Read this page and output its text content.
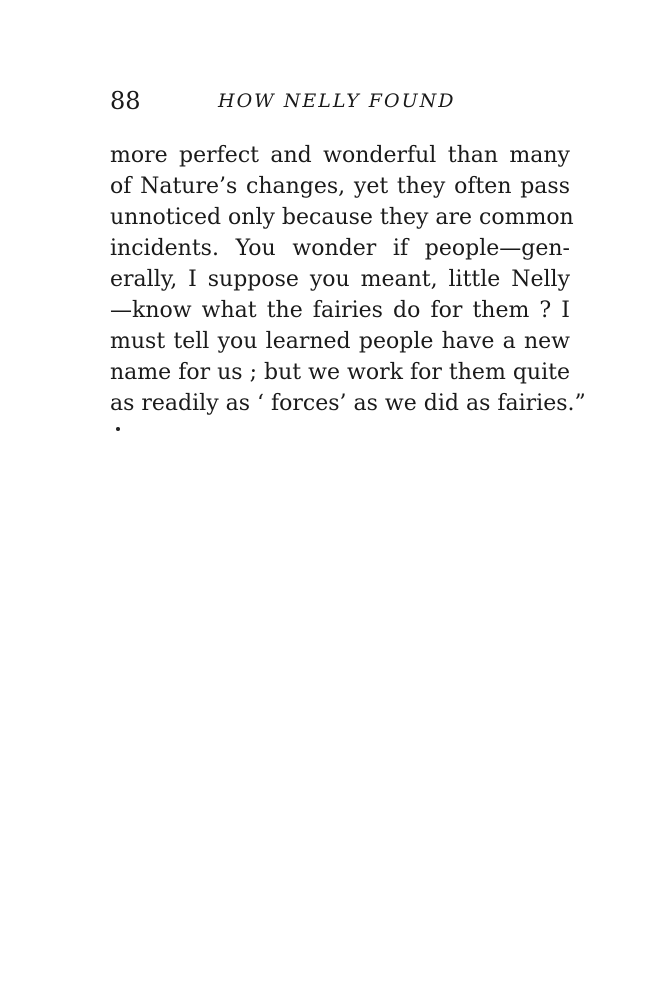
88	HOW NELLY FOUND
more perfect and wonderful than many
of Nature’s changes, yet they often pass
unnoticed only because they are common
incidents. You wonder if people—gen-
erally, I suppose you meant, little Nelly
—know what the fairies do for them ? I
must tell you learned people have a new
name for us ; but we work for them quite
as readily as ‘ forces’ as we did as fairies.”
